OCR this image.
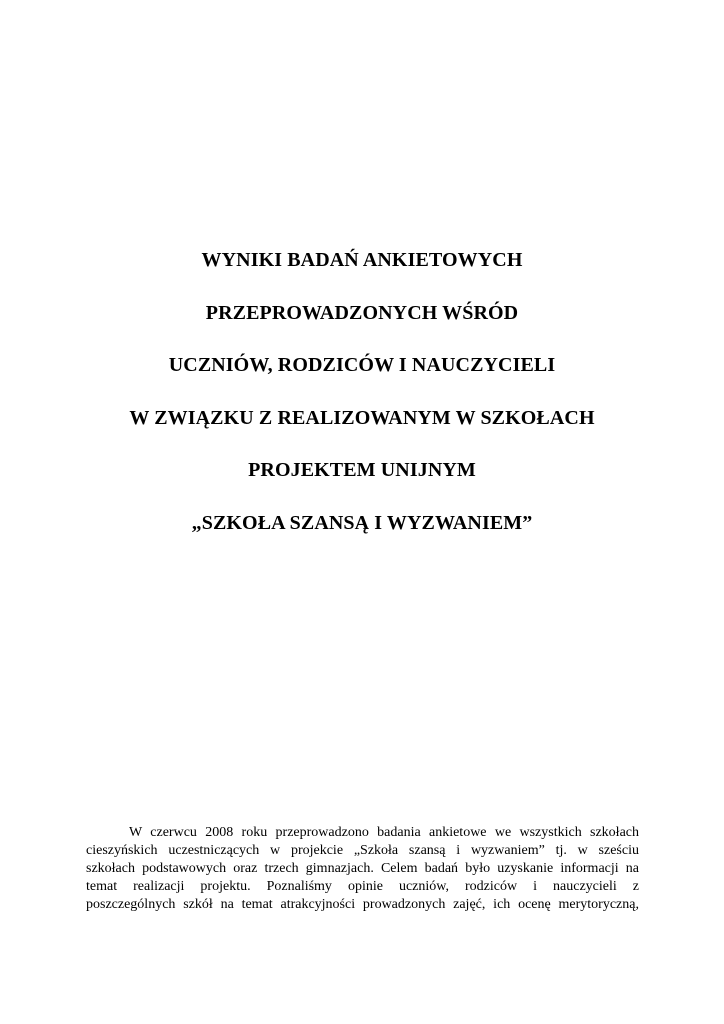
WYNIKI BADAŃ ANKIETOWYCH
PRZEPROWADZONYCH WŚRÓD
UCZNIÓW, RODZICÓW I NAUCZYCIELI
W ZWIĄZKU Z REALIZOWANYM W SZKOŁACH
PROJEKTEM UNIJNYM
„SZKOŁA SZANSĄ I WYZWANIEM”
W czerwcu 2008 roku przeprowadzono badania ankietowe we wszystkich szkołach
cieszyńskich uczestniczących w projekcie „Szkoła szansą i wyzwaniem” tj. w sześciu
szkołach podstawowych oraz trzech gimnazjach. Celem badań było uzyskanie informacji na
temat realizacji projektu. Poznaliśmy opinie uczniów, rodziców i nauczycieli z
poszczególnych szkół na temat atrakcyjności prowadzonych zajęć, ich ocenę merytoryczną,
